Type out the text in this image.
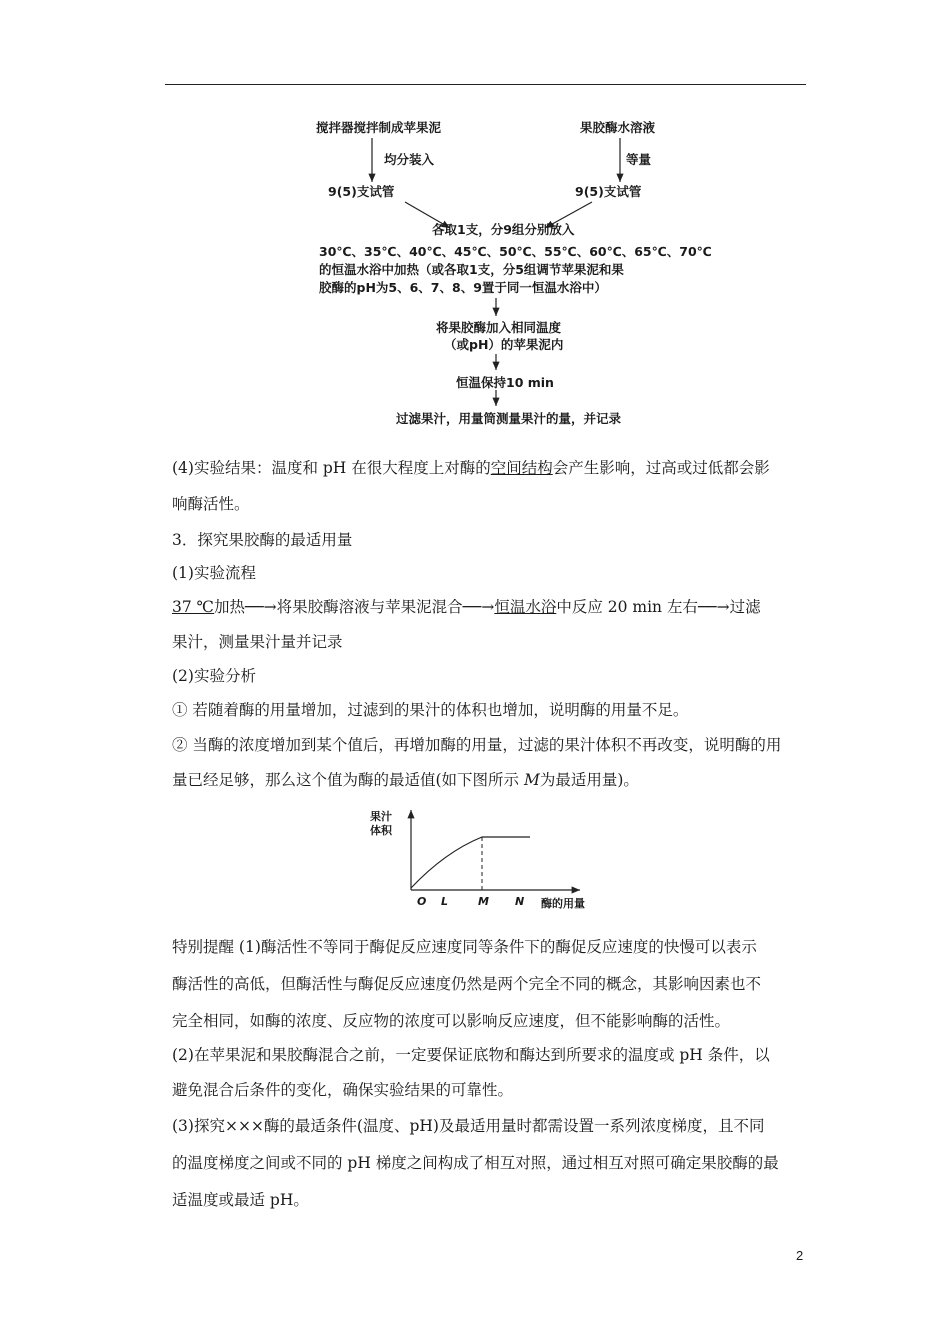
搅拌器搅拌制成苹果泥	果胶酶水溶液
均分装入	等量
9(5)支试管	9(5)支试管
各取1支，分9组分别放入
30℃、35℃、40℃、45℃、50℃、55℃、60℃、65℃、70℃
的恒温水浴中加热（或各取1支，分5组调节苹果泥和果
胶酶的pH为5、6、7、8、9置于同一恒温水浴中）
将果胶酶加入相同温度
（或pH）的苹果泥内
恒温保持10 min
过滤果汁，用量筒测量果汁的量，并记录
(4)实验结果：温度和 pH 在很大程度上对酶的空间结构会产生影响，过高或过低都会影
响酶活性。
3．探究果胶酶的最适用量
(1)实验流程
37 ℃加热──→将果胶酶溶液与苹果泥混合──→恒温水浴中反应 20 min 左右──→过滤
果汁，测量果汁量并记录
(2)实验分析
① 若随着酶的用量增加，过滤到的果汁的体积也增加，说明酶的用量不足。
② 当酶的浓度增加到某个值后，再增加酶的用量，过滤的果汁体积不再改变，说明酶的用
量已经足够，那么这个值为酶的最适值(如下图所示 M为最适用量)。
果汁
体积
O L	M N 酶的用量
特别提醒 (1)酶活性不等同于酶促反应速度同等条件下的酶促反应速度的快慢可以表示
酶活性的高低，但酶活性与酶促反应速度仍然是两个完全不同的概念，其影响因素也不
完全相同，如酶的浓度、反应物的浓度可以影响反应速度，但不能影响酶的活性。
(2)在苹果泥和果胶酶混合之前，一定要保证底物和酶达到所要求的温度或 pH 条件，以
避免混合后条件的变化，确保实验结果的可靠性。
(3)探究×××酶的最适条件(温度、pH)及最适用量时都需设置一系列浓度梯度，且不同
的温度梯度之间或不同的 pH 梯度之间构成了相互对照，通过相互对照可确定果胶酶的最
适温度或最适 pH。
2
